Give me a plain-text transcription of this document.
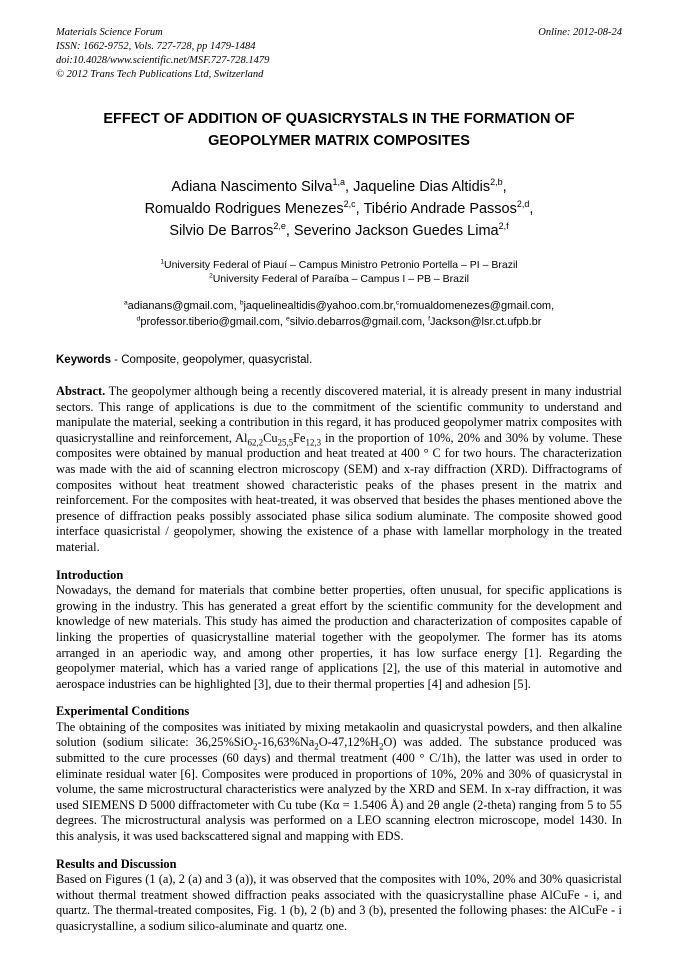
Materials Science Forum
ISSN: 1662-9752, Vols. 727-728, pp 1479-1484
doi:10.4028/www.scientific.net/MSF.727-728.1479
© 2012 Trans Tech Publications Ltd, Switzerland
Online: 2012-08-24
EFFECT OF ADDITION OF QUASICRYSTALS IN THE FORMATION OF GEOPOLYMER MATRIX COMPOSITES
Adiana Nascimento Silva$^{1,a}$, Jaqueline Dias Altidis$^{2,b}$,
Romualdo Rodrigues Menezes$^{2,c}$, Tibério Andrade Passos$^{2,d}$,
Silvio De Barros$^{2,e}$, Severino Jackson Guedes Lima$^{2,f}$
$^1$University Federal of Piauí – Campus Ministro Petronio Portella – PI – Brazil
$^2$University Federal of Paraíba – Campus I – PB – Brazil
$^a$adianans@gmail.com, $^b$jaquelinealtidis@yahoo.com.br,$^c$romualdomenezes@gmail.com,
$^d$professor.tiberio@gmail.com, $^e$silvio.debarros@gmail.com, $^f$Jackson@lsr.ct.ufpb.br
Keywords - Composite, geopolymer, quasycristal.
Abstract. The geopolymer although being a recently discovered material, it is already present in many industrial sectors. This range of applications is due to the commitment of the scientific community to understand and manipulate the material, seeking a contribution in this regard, it has produced geopolymer matrix composites with quasicrystalline and reinforcement, $Al_{62,2}Cu_{25,5}Fe_{12,3}$ in the proportion of 10%, 20% and 30% by volume. These composites were obtained by manual production and heat treated at 400 ° C for two hours. The characterization was made with the aid of scanning electron microscopy (SEM) and x-ray diffraction (XRD). Diffractograms of composites without heat treatment showed characteristic peaks of the phases present in the matrix and reinforcement. For the composites with heat-treated, it was observed that besides the phases mentioned above the presence of diffraction peaks possibly associated phase silica sodium aluminate. The composite showed good interface quasicristal / geopolymer, showing the existence of a phase with lamellar morphology in the treated material.
Introduction

Nowadays, the demand for materials that combine better properties, often unusual, for specific applications is growing in the industry. This has generated a great effort by the scientific community for the development and knowledge of new materials. This study has aimed the production and characterization of composites capable of linking the properties of quasicrystalline material together with the geopolymer. The former has its atoms arranged in an aperiodic way, and among other properties, it has low surface energy [1]. Regarding the geopolymer material, which has a varied range of applications [2], the use of this material in automotive and aerospace industries can be highlighted [3], due to their thermal properties [4] and adhesion [5].

Experimental Conditions

The obtaining of the composites was initiated by mixing metakaolin and quasicrystal powders, and then alkaline solution (sodium silicate: $36,25\%SiO_2-16,63\%Na_2O-47,12\%H_2O$) was added. The substance produced was submitted to the cure processes (60 days) and thermal treatment (400 ° C/1h), the latter was used in order to eliminate residual water [6]. Composites were produced in proportions of 10%, 20% and 30% of quasicrystal in volume, the same microstructural characteristics were analyzed by the XRD and SEM. In x-ray diffraction, it was used SIEMENS D 5000 diffractometer with Cu tube (Kα = 1.5406 Å) and 2θ angle (2-theta) ranging from 5 to 55 degrees. The microstructural analysis was performed on a LEO scanning electron microscope, model 1430. In this analysis, it was used backscattered signal and mapping with EDS.

Results and Discussion

Based on Figures (1 (a), 2 (a) and 3 (a)), it was observed that the composites with 10%, 20% and 30% quasicristal without thermal treatment showed diffraction peaks associated with the quasicrystalline phase AlCuFe - i, and quartz. The thermal-treated composites, Fig. 1 (b), 2 (b) and 3 (b), presented the following phases: the AlCuFe - i quasicrystalline, a sodium silico-aluminate and quartz one.
